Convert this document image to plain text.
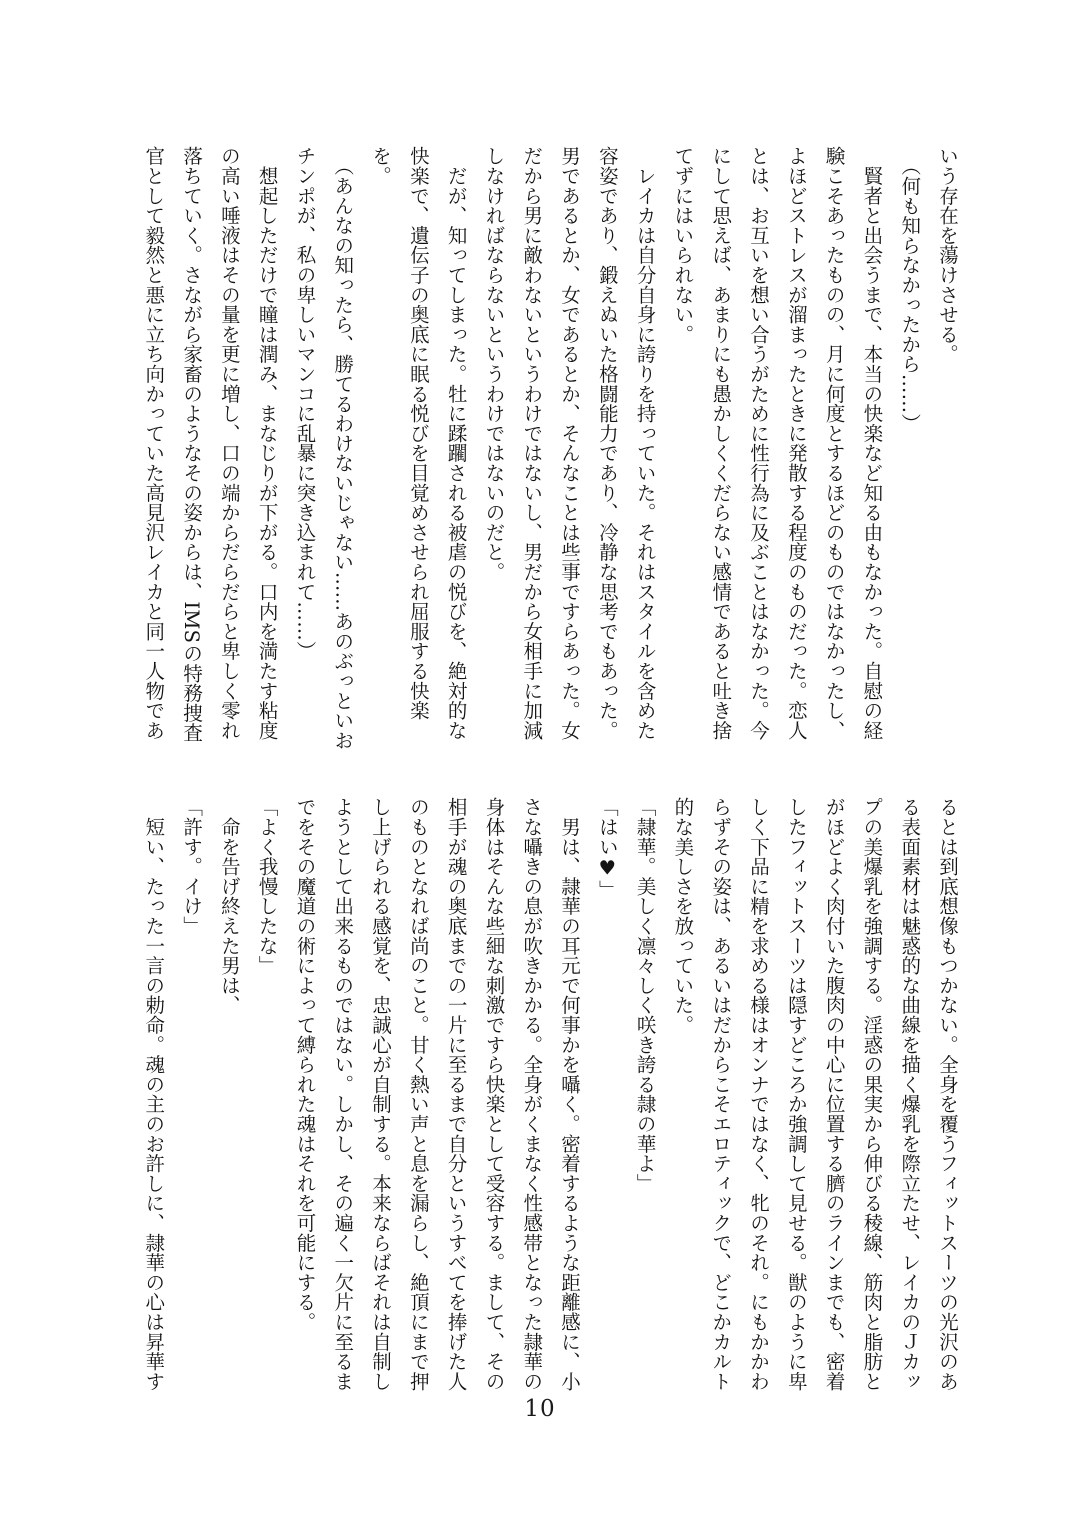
いう存在を蕩けさせる。
　（何も知らなかったから……）
　賢者と出会うまで、本当の快楽など知る由もなかった。自慰の経
験こそあったものの、月に何度とするほどのものではなかったし、
よほどストレスが溜まったときに発散する程度のものだった。恋人
とは、お互いを想い合うがために性行為に及ぶことはなかった。今
にして思えば、あまりにも愚かしくくだらない感情であると吐き捨
てずにはいられない。
　レイカは自分自身に誇りを持っていた。それはスタイルを含めた
容姿であり、鍛えぬいた格闘能力であり、冷静な思考でもあった。
男であるとか、女であるとか、そんなことは些事ですらあった。女
だから男に敵わないというわけではないし、男だから女相手に加減
しなければならないというわけではないのだと。
　だが、知ってしまった。牡に蹂躙される被虐の悦びを、絶対的な
快楽で、遺伝子の奥底に眠る悦びを目覚めさせられ屈服する快楽
を。
　（あんなの知ったら、勝てるわけないじゃない……あのぶっといお
チンポが、私の卑しいマンコに乱暴に突き込まれて……）
　想起しただけで瞳は潤み、まなじりが下がる。口内を満たす粘度
の高い唾液はその量を更に増し、口の端からだらだらと卑しく零れ
落ちていく。さながら家畜のようなその姿からは、IMSの特務捜査
官として毅然と悪に立ち向かっていた高見沢レイカと同一人物であ
るとは到底想像もつかない。全身を覆うフィットスーツの光沢のあ
る表面素材は魅惑的な曲線を描く爆乳を際立たせ、レイカのＪカッ
プの美爆乳を強調する。淫惑の果実から伸びる稜線、筋肉と脂肪と
がほどよく肉付いた腹肉の中心に位置する臍のラインまでも、密着
したフィットスーツは隠すどころか強調して見せる。獣のように卑
しく下品に精を求める様はオンナではなく、牝のそれ。にもかかわ
らずその姿は、あるいはだからこそエロティックで、どこかカルト
的な美しさを放っていた。
「隷華。美しく凛々しく咲き誇る隷の華よ」
「はい♥」
　男は、隷華の耳元で何事かを囁く。密着するような距離感に、小
さな囁きの息が吹きかかる。全身がくまなく性感帯となった隷華の
身体はそんな些細な刺激ですら快楽として受容する。まして、その
相手が魂の奥底までの一片に至るまで自分というすべてを捧げた人
のものとなれば尚のこと。甘く熱い声と息を漏らし、絶頂にまで押
し上げられる感覚を、忠誠心が自制する。本来ならばそれは自制し
ようとして出来るものではない。しかし、その遍く一欠片に至るま
でをその魔道の術によって縛られた魂はそれを可能にする。
「よく我慢したな」
　命を告げ終えた男は、
「許す。イけ」
　短い、たった一言の勅命。魂の主のお許しに、隷華の心は昇華す
10
